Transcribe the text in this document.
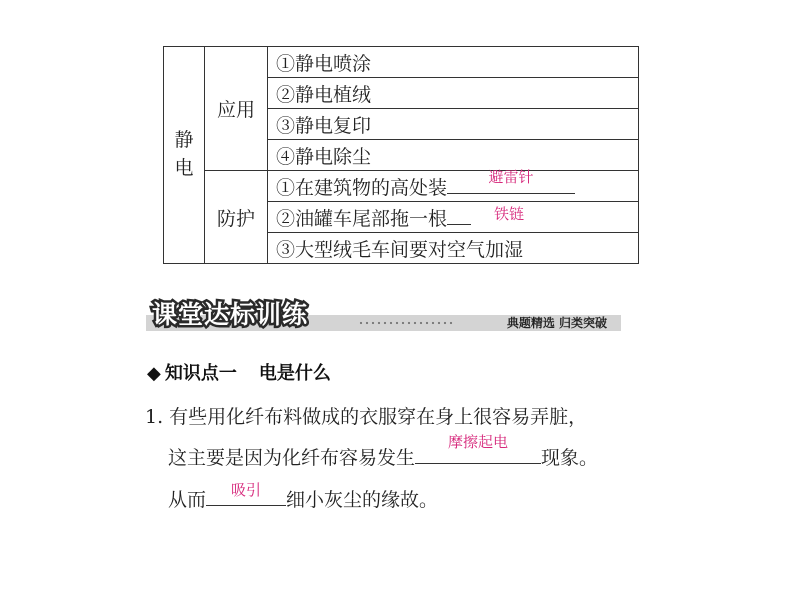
静电	应用	①静电喷涂
		②静电植绒
		③静电复印
		④静电除尘
	防护	①在建筑物的高处装 避雷针

		②油罐车尾部拖一根 铁链

		③大型绒毛车间要对空气加湿
课堂达标训练	典题精选 归类突破
◆ 知识点一 电是什么
1. 有些用化纤布料做成的衣服穿在身上很容易弄脏，
这主要是因为化纤布容易发生
摩擦起电
现象。
从而	吸引	细小灰尘的缘故。
